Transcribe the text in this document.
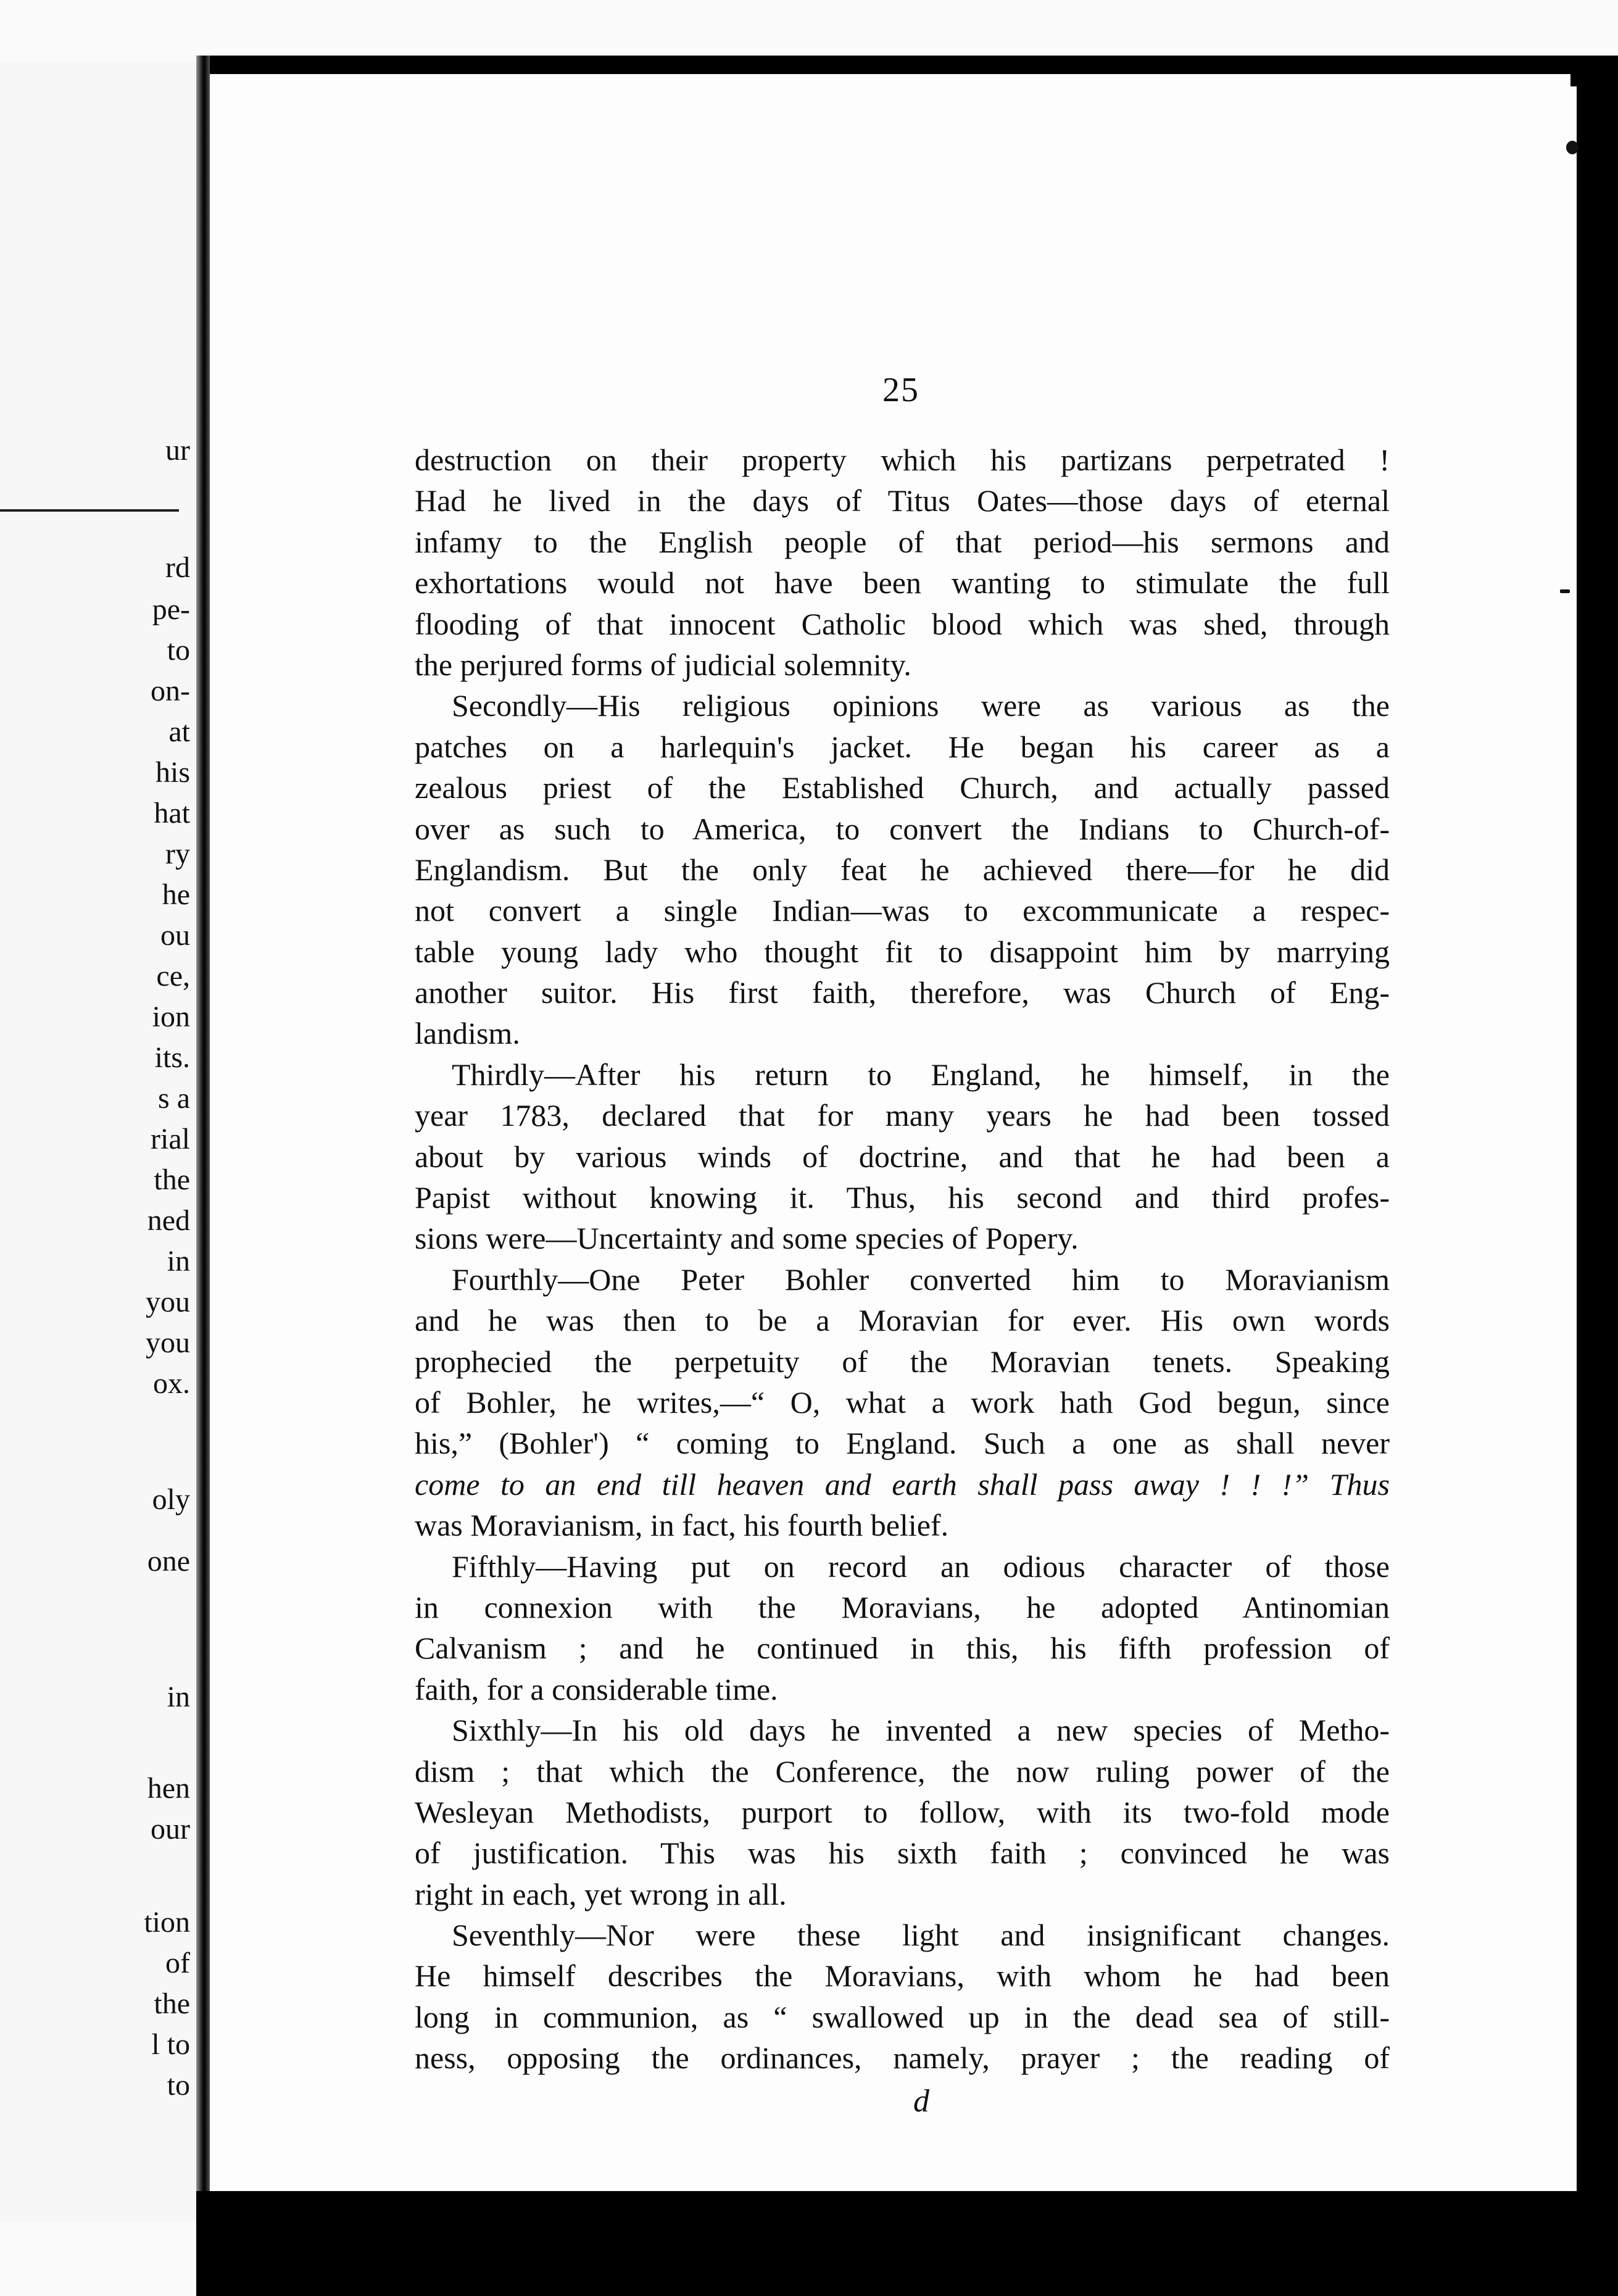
ur
rd
pe-
to
on-
at
his
hat
ry
he
ou
ce,
ion
its.
s a
rial
the
ned
in
you
you
ox.
oly
one
in
hen
our
tion
of
the
l to
to
25
destruction on their property which his partizans perpetrated !
Had he lived in the days of Titus Oates—those days of eternal
infamy to the English people of that period—his sermons and
exhortations would not have been wanting to stimulate the full
flooding of that innocent Catholic blood which was shed, through
the perjured forms of judicial solemnity.
Secondly—His religious opinions were as various as the
patches on a harlequin's jacket. He began his career as a
zealous priest of the Established Church, and actually passed
over as such to America, to convert the Indians to Church-of-
Englandism. But the only feat he achieved there—for he did
not convert a single Indian—was to excommunicate a respec-
table young lady who thought fit to disappoint him by marrying
another suitor. His first faith, therefore, was Church of Eng-
landism.
Thirdly—After his return to England, he himself, in the
year 1783, declared that for many years he had been tossed
about by various winds of doctrine, and that he had been a
Papist without knowing it. Thus, his second and third profes-
sions were—Uncertainty and some species of Popery.
Fourthly—One Peter Bohler converted him to Moravianism
and he was then to be a Moravian for ever. His own words
prophecied the perpetuity of the Moravian tenets. Speaking
of Bohler, he writes,—“ O, what a work hath God begun, since
his,” (Bohler') “ coming to England. Such a one as shall never
come to an end till heaven and earth shall pass away ! ! !” Thus
was Moravianism, in fact, his fourth belief.
Fifthly—Having put on record an odious character of those
in connexion with the Moravians, he adopted Antinomian
Calvanism ; and he continued in this, his fifth profession of
faith, for a considerable time.
Sixthly—In his old days he invented a new species of Metho-
dism ; that which the Conference, the now ruling power of the
Wesleyan Methodists, purport to follow, with its two-fold mode
of justification. This was his sixth faith ; convinced he was
right in each, yet wrong in all.
Seventhly—Nor were these light and insignificant changes.
He himself describes the Moravians, with whom he had been
long in communion, as “ swallowed up in the dead sea of still-
ness, opposing the ordinances, namely, prayer ; the reading of
d
